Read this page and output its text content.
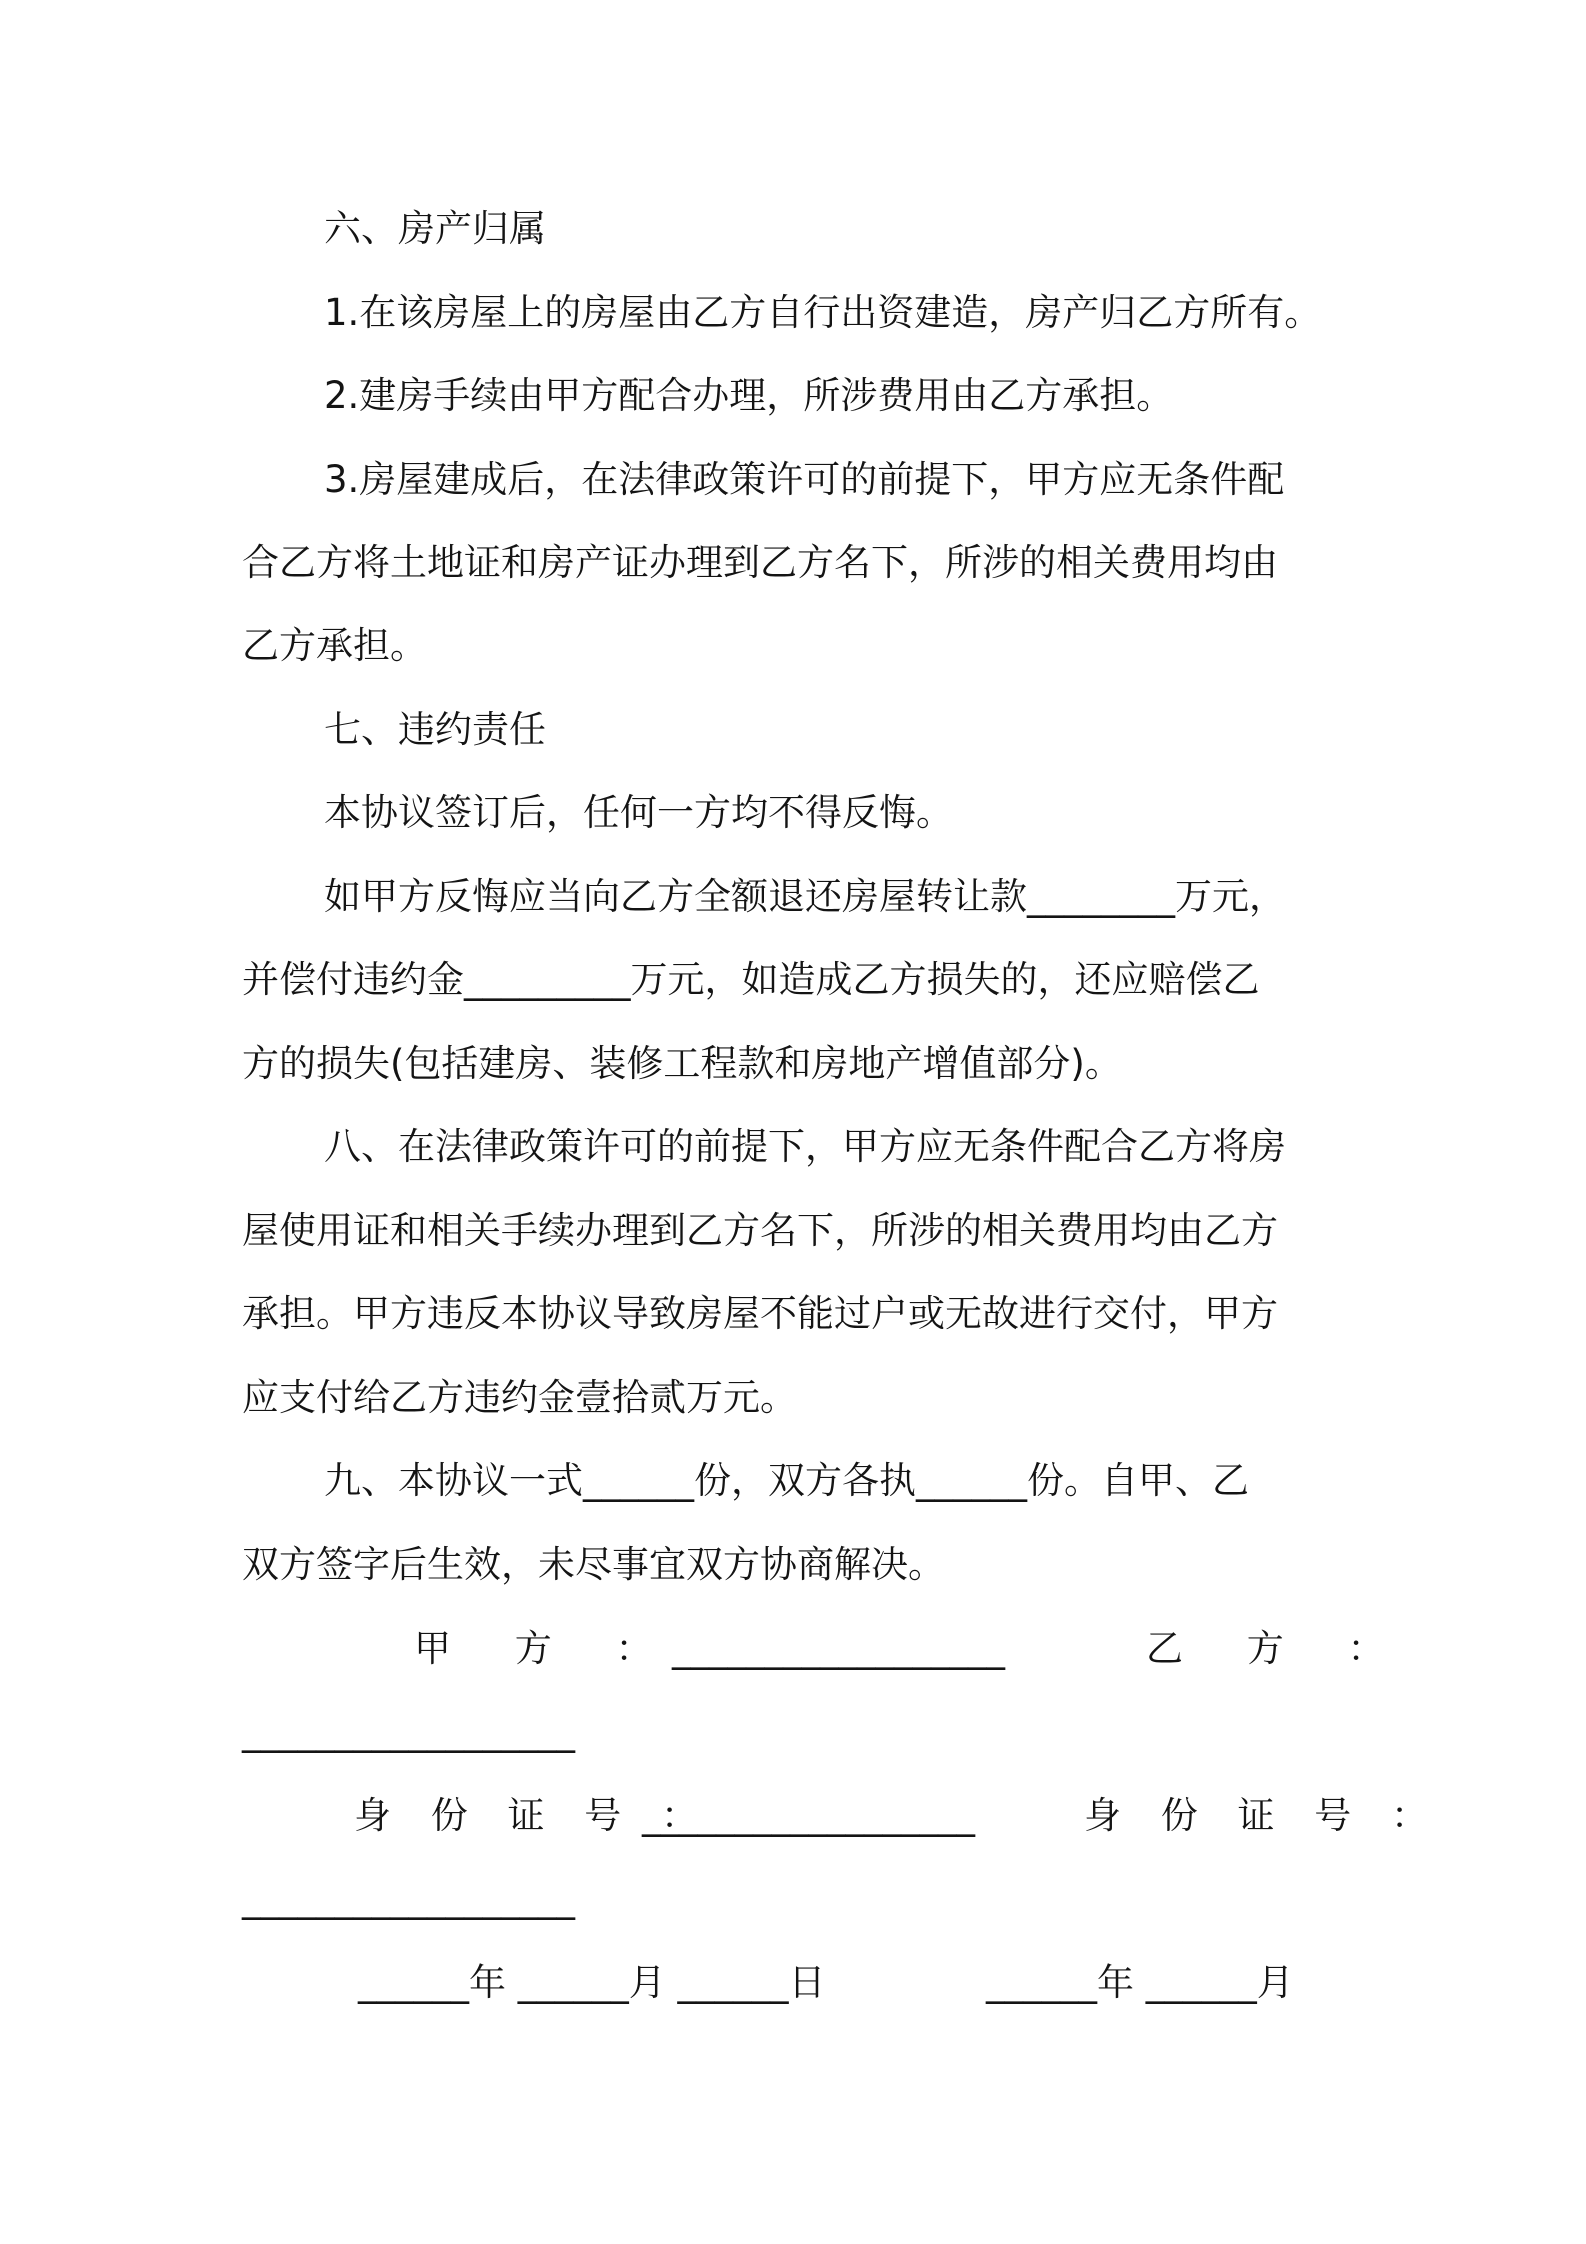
六、房产归属
1.在该房屋上的房屋由乙方自行出资建造，房产归乙方所有。
2.建房手续由甲方配合办理，所涉费用由乙方承担。
3.房屋建成后，在法律政策许可的前提下，甲方应无条件配
合乙方将土地证和房产证办理到乙方名下，所涉的相关费用均由
乙方承担。
七、违约责任
本协议签订后，任何一方均不得反悔。
如甲方反悔应当向乙方全额退还房屋转让款________万元，
并偿付违约金_________万元，如造成乙方损失的，还应赔偿乙
方的损失(包括建房、装修工程款和房地产增值部分)。
八、在法律政策许可的前提下，甲方应无条件配合乙方将房
屋使用证和相关手续办理到乙方名下，所涉的相关费用均由乙方
承担。甲方违反本协议导致房屋不能过户或无故进行交付，甲方
应支付给乙方违约金壹拾贰万元。
九、本协议一式______份，双方各执______份。自甲、乙
双方签字后生效，未尽事宜双方协商解决。
甲 方 ：
__________________	乙 方 ：
__________________
身 份 证 号 ：
__________________	身 份 证 号 ：
__________________
______年 ______月 ______日	______年 ______月
